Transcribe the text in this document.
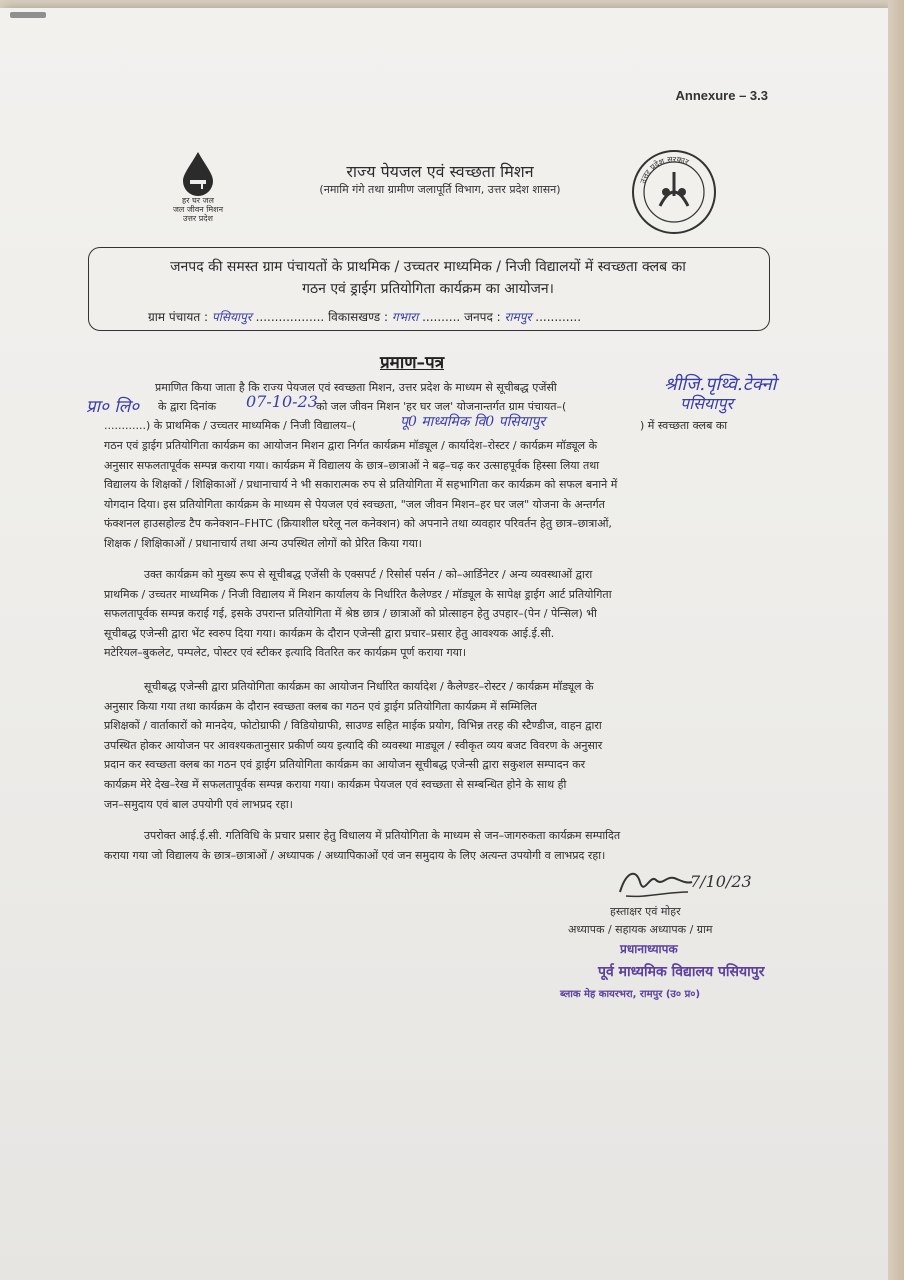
Annexure – 3.3
हर घर जल
जल जीवन मिशन
उत्तर प्रदेश
उत्तर प्रदेश सरकार
राज्य पेयजल एवं स्वच्छता मिशन
(नमामि गंगे तथा ग्रामीण जलापूर्ति विभाग, उत्तर प्रदेश शासन)
जनपद की समस्त ग्राम पंचायतों के प्राथमिक / उच्चतर माध्यमिक / निजी विद्यालयों में स्वच्छता क्लब का
गठन एवं ड्राईग प्रतियोगिता कार्यक्रम का आयोजन।
ग्राम पंचायत : पसियापुर .................. विकासखण्ड : गभारा .......... जनपद : रामपुर ............
प्रमाण–पत्र
प्रमाणित किया जाता है कि राज्य पेयजल एवं स्वच्छता मिशन, उत्तर प्रदेश के माध्यम से सूचीबद्ध एजेंसी	श्रीजि.पृथ्वि.टेक्नो
प्रा० लि० के द्वारा दिनांक	07-10-23
को जल जीवन मिशन 'हर घर जल' योजनान्तर्गत ग्राम पंचायत–(	पसियापुर
............) के प्राथमिक / उच्चतर माध्यमिक / निजी विद्यालय–(	पू0 माध्यमिक वि0 पसियापुर	) में स्वच्छता क्लब का
गठन एवं ड्राईग प्रतियोगिता कार्यक्रम का आयोजन मिशन द्वारा निर्गत कार्यक्रम मॉड्यूल / कार्यादेश–रोस्टर / कार्यक्रम मॉड्यूल के
अनुसार सफलतापूर्वक सम्पन्न कराया गया। कार्यक्रम में विद्यालय के छात्र–छात्राओं ने बढ़–चढ़ कर उत्साहपूर्वक हिस्सा लिया तथा
विद्यालय के शिक्षकों / शिक्षिकाओं / प्रधानाचार्य ने भी सकारात्मक रुप से प्रतियोगिता में सहभागिता कर कार्यक्रम को सफल बनाने में
योगदान दिया। इस प्रतियोगिता कार्यक्रम के माध्यम से पेयजल एवं स्वच्छता, "जल जीवन मिशन–हर घर जल" योजना के अन्तर्गत
फंक्शनल हाउसहोल्ड टैप कनेक्शन–FHTC (क्रियाशील घरेलू नल कनेक्शन) को अपनाने तथा व्यवहार परिवर्तन हेतु छात्र–छात्राओं,
शिक्षक / शिक्षिकाओं / प्रधानाचार्य तथा अन्य उपस्थित लोगों को प्रेरित किया गया।
उक्त कार्यक्रम को मुख्य रूप से सूचीबद्ध एजेंसी के एक्सपर्ट / रिसोर्स पर्सन / को–आर्डिनेटर / अन्य व्यवस्थाओं द्वारा
प्राथमिक / उच्चतर माध्यमिक / निजी विद्यालय में मिशन कार्यालय के निर्धारित कैलेण्डर / मॉड्यूल के सापेक्ष ड्राईग आर्ट प्रतियोगिता
सफलतापूर्वक सम्पन्न कराई गई, इसके उपरान्त प्रतियोगिता में श्रेष्ठ छात्र / छात्राओं को प्रोत्साहन हेतु उपहार–(पेन / पेन्सिल) भी
सूचीबद्ध एजेन्सी द्वारा भेंट स्वरुप दिया गया। कार्यक्रम के दौरान एजेन्सी द्वारा प्रचार–प्रसार हेतु आवश्यक आई.ई.सी.
मटेरियल–बुकलेट, पम्पलेट, पोस्टर एवं स्टीकर इत्यादि वितरित कर कार्यक्रम पूर्ण कराया गया।
सूचीबद्ध एजेन्सी द्वारा प्रतियोगिता कार्यक्रम का आयोजन निर्धारित कार्यादेश / कैलेण्डर–रोस्टर / कार्यक्रम मॉड्यूल के
अनुसार किया गया तथा कार्यक्रम के दौरान स्वच्छता क्लब का गठन एवं ड्राईग प्रतियोगिता कार्यक्रम में सम्मिलित
प्रशिक्षकों / वार्ताकारों को मानदेय, फोटोग्राफी / विडियोग्राफी, साउण्ड सहित माईक प्रयोग, विभिन्न तरह की स्टैण्डीज, वाहन द्वारा
उपस्थित होकर आयोजन पर आवश्यकतानुसार प्रकीर्ण व्यय इत्यादि की व्यवस्था माड्यूल / स्वीकृत व्यय बजट विवरण के अनुसार
प्रदान कर स्वच्छता क्लब का गठन एवं ड्राईग प्रतियोगिता कार्यक्रम का आयोजन सूचीबद्ध एजेन्सी द्वारा सकुशल सम्पादन कर
कार्यक्रम मेरे देख–रेख में सफलतापूर्वक सम्पन्न कराया गया। कार्यक्रम पेयजल एवं स्वच्छता से सम्बन्धित होने के साथ ही
जन–समुदाय एवं बाल उपयोगी एवं लाभप्रद रहा।
उपरोक्त आई.ई.सी. गतिविधि के प्रचार प्रसार हेतु विधालय में प्रतियोगिता के माध्यम से जन–जागरुकता कार्यक्रम सम्पादित
कराया गया जो विद्यालय के छात्र–छात्राओं / अध्यापक / अध्यापिकाओं एवं जन समुदाय के लिए अत्यन्त उपयोगी व लाभप्रद रहा।
7/10/23
हस्ताक्षर एवं मोहर
अध्यापक / सहायक अध्यापक / ग्राम
प्रधानाध्यापक
पूर्व माध्यमिक विद्यालय पसियापुर
ब्लाक मेह कायरभरा, रामपुर (उ० प्र०)
